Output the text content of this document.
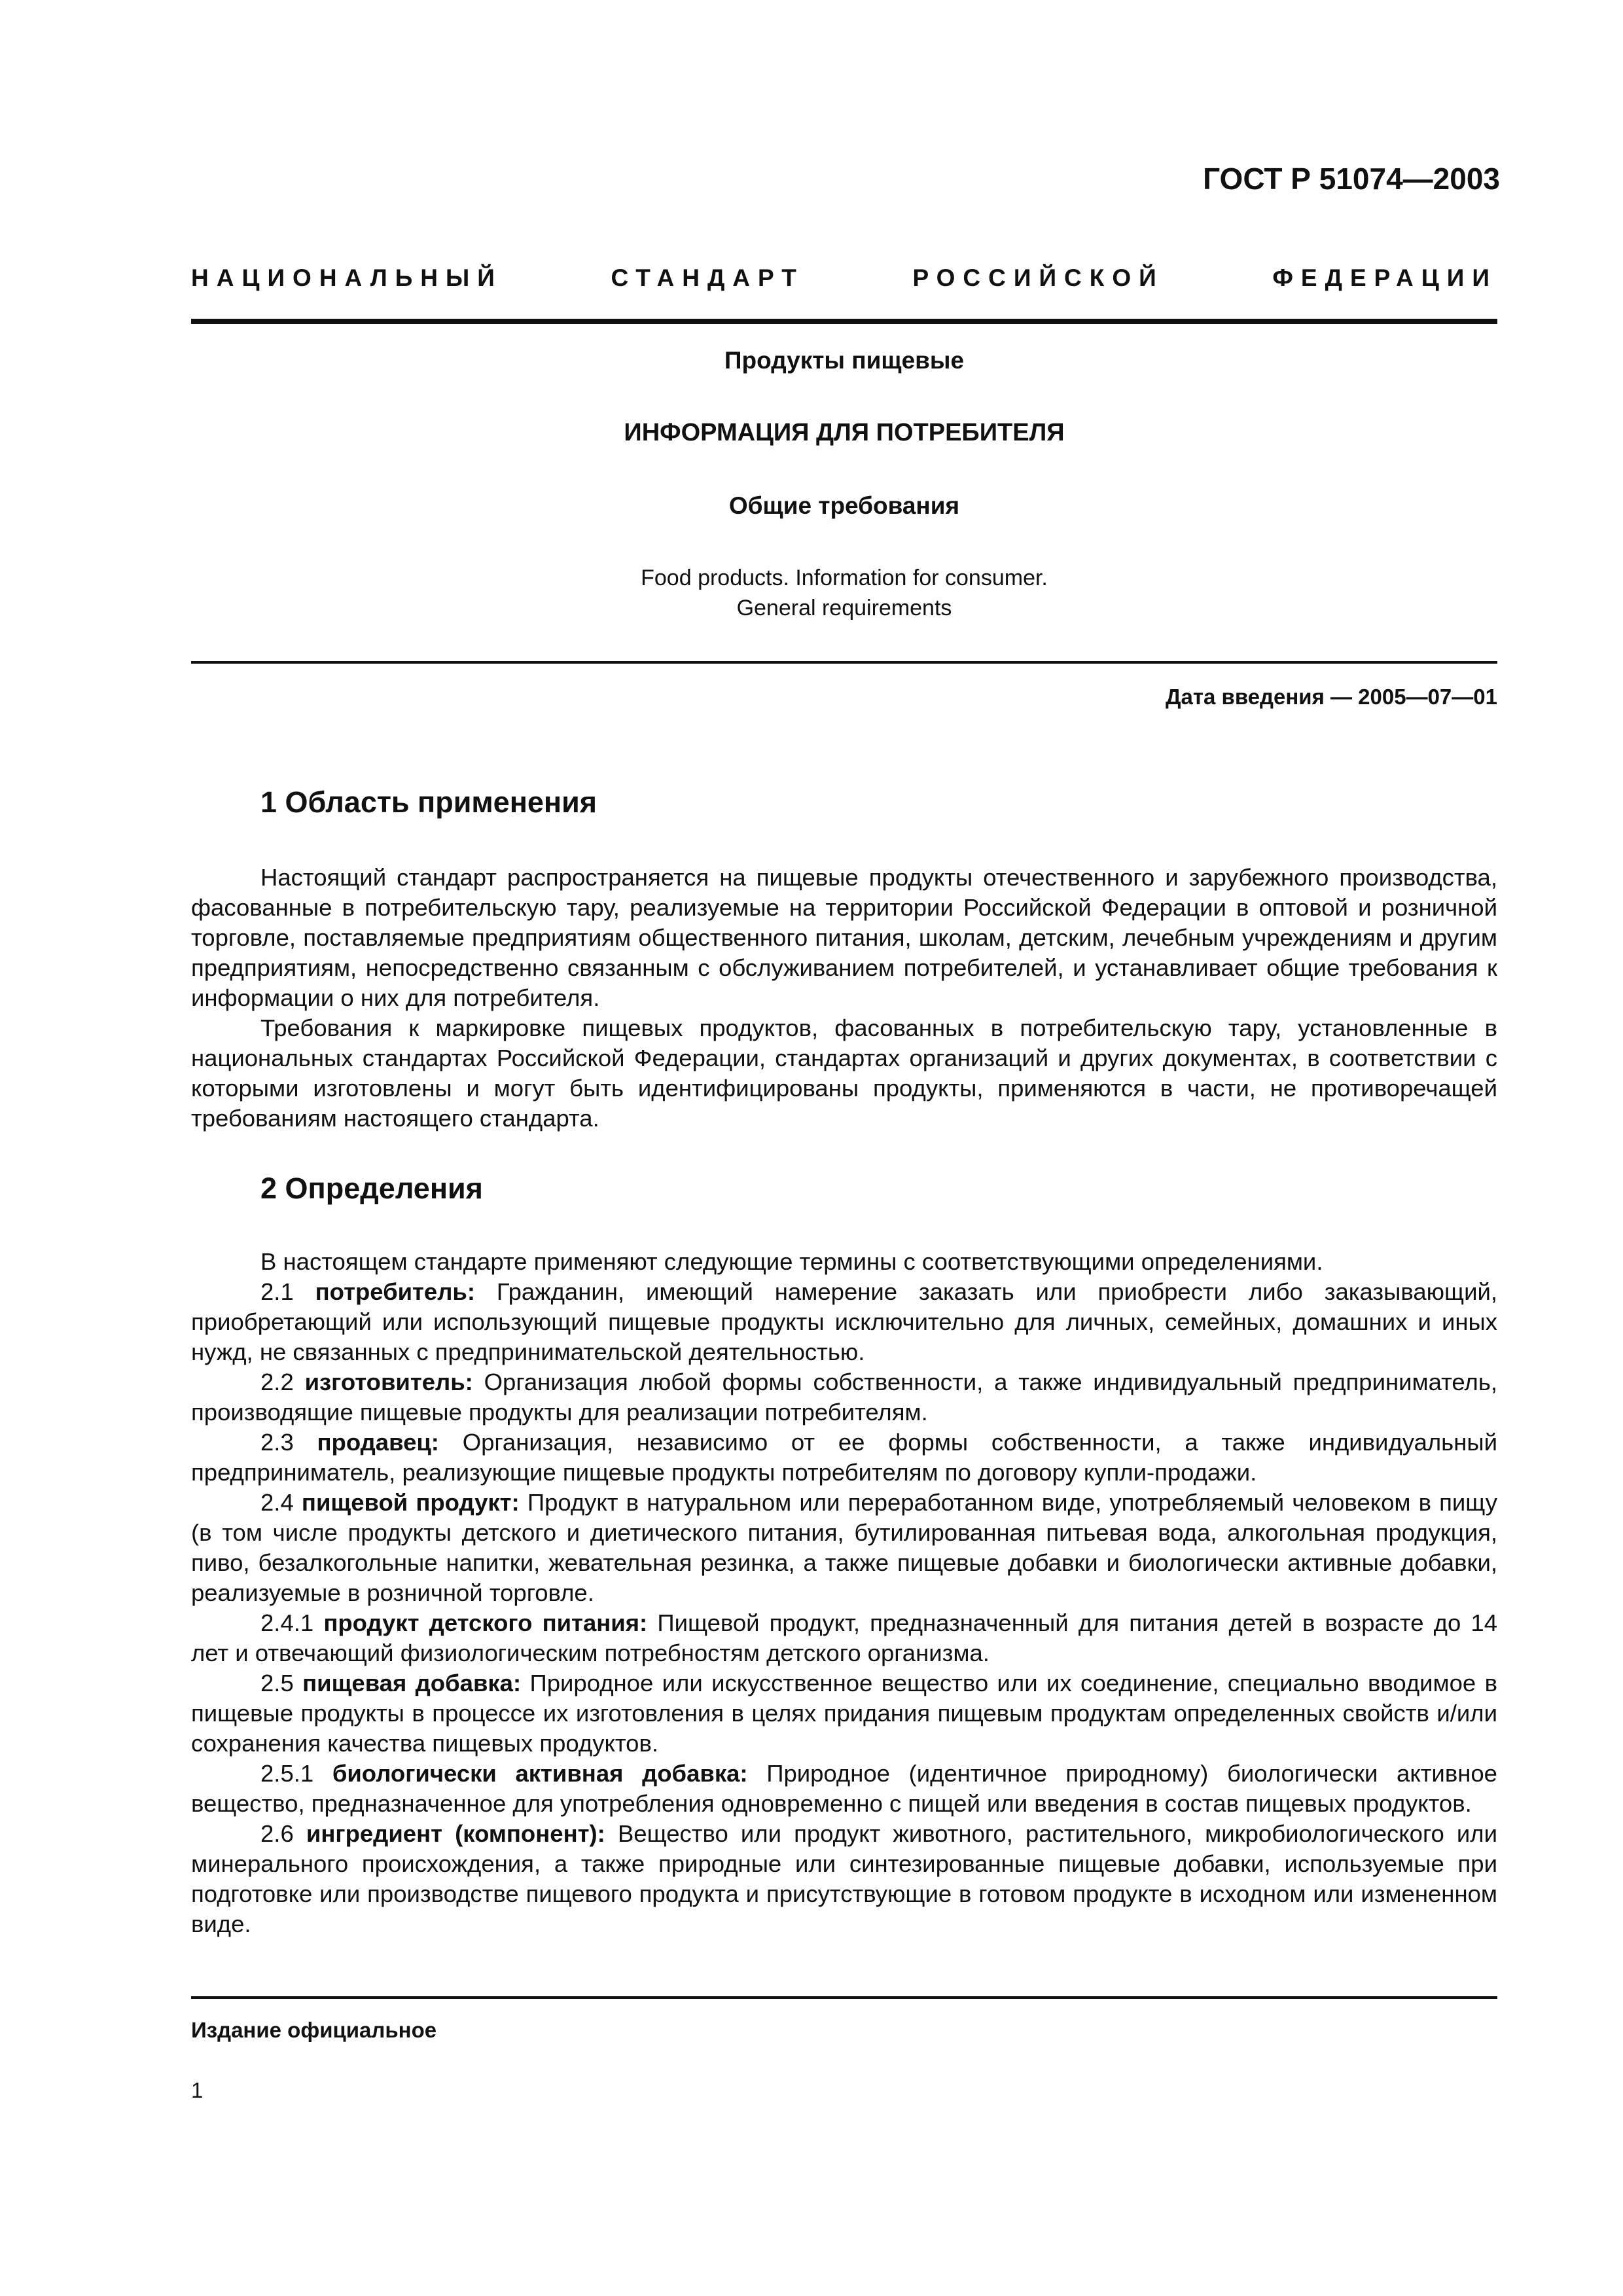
ГОСТ Р 51074—2003
НАЦИОНАЛЬНЫЙ	СТАНДАРТ	РОССИЙСКОЙ	ФЕДЕРАЦИИ
Продукты пищевые
ИНФОРМАЦИЯ ДЛЯ ПОТРЕБИТЕЛЯ
Общие требования
Food products. Information for consumer.
General requirements
Дата введения — 2005—07—01
1 Область применения

Настоящий стандарт распространяется на пищевые продукты отечественного и зарубежного производства, фасованные в потребительскую тару, реализуемые на территории Российской Федерации в оптовой и розничной торговле, поставляемые предприятиям общественного питания, школам, детским, лечебным учреждениям и другим предприятиям, непосредственно связанным с обслуживанием потребителей, и устанавливает общие требования к информации о них для потребителя.

Требования к маркировке пищевых продуктов, фасованных в потребительскую тару, установленные в национальных стандартах Российской Федерации, стандартах организаций и других документах, в соответствии с которыми изготовлены и могут быть идентифицированы продукты, применяются в части, не противоречащей требованиям настоящего стандарта.

2 Определения

В настоящем стандарте применяют следующие термины с соответствующими определениями.

2.1 потребитель: Гражданин, имеющий намерение заказать или приобрести либо заказывающий, приобретающий или использующий пищевые продукты исключительно для личных, семейных, домашних и иных нужд, не связанных с предпринимательской деятельностью.

2.2 изготовитель: Организация любой формы собственности, а также индивидуальный предприниматель, производящие пищевые продукты для реализации потребителям.

2.3 продавец: Организация, независимо от ее формы собственности, а также индивидуальный предприниматель, реализующие пищевые продукты потребителям по договору купли-продажи.

2.4 пищевой продукт: Продукт в натуральном или переработанном виде, употребляемый человеком в пищу (в том числе продукты детского и диетического питания, бутилированная питьевая вода, алкогольная продукция, пиво, безалкогольные напитки, жевательная резинка, а также пищевые добавки и биологически активные добавки, реализуемые в розничной торговле.

2.4.1 продукт детского питания: Пищевой продукт, предназначенный для питания детей в возрасте до 14 лет и отвечающий физиологическим потребностям детского организма.

2.5 пищевая добавка: Природное или искусственное вещество или их соединение, специально вводимое в пищевые продукты в процессе их изготовления в целях придания пищевым продуктам определенных свойств и/или сохранения качества пищевых продуктов.

2.5.1 биологически активная добавка: Природное (идентичное природному) биологически активное вещество, предназначенное для употребления одновременно с пищей или введения в состав пищевых продуктов.

2.6 ингредиент (компонент): Вещество или продукт животного, растительного, микробиологического или минерального происхождения, а также природные или синтезированные пищевые добавки, используемые при подготовке или производстве пищевого продукта и присутствующие в готовом продукте в исходном или измененном виде.

Издание официальное
1
